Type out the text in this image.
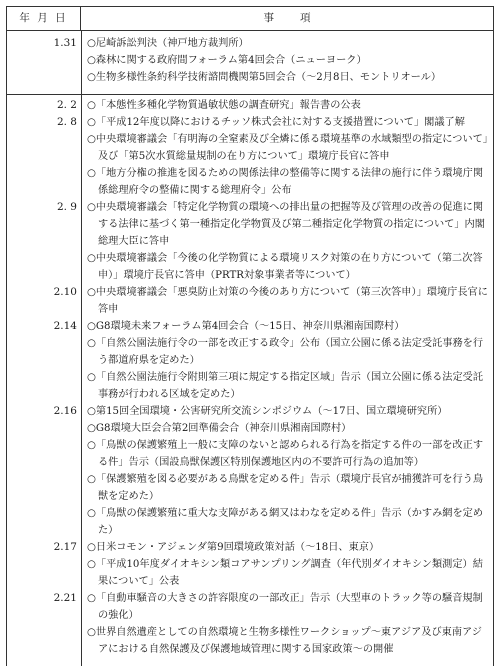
年 月 日	事項
1.31 ○尼崎訴訟判決（神戸地方裁判所）
○森林に関する政府間フォーラム第4回会合（ニューヨーク）
○生物多様性条約科学技術諮問機関第5回会合（〜2月8日、モントリオール）
2. 2 ○「本態性多種化学物質過敏状態の調査研究」報告書の公表
2. 8 ○「平成12年度以降におけるチッソ株式会社に対する支援措置について」閣議了解
○中央環境審議会「有明海の全窒素及び全燐に係る環境基準の水域類型の指定について」及び「第5次水質総量規制の在り方について」環境庁長官に答申
○「地方分権の推進を図るための関係法律の整備等に関する法律の施行に伴う環境庁関係総理府令の整備に関する総理府令」公布
2. 9 ○中央環境審議会「特定化学物質の環境への排出量の把握等及び管理の改善の促進に関する法律に基づく第一種指定化学物質及び第二種指定化学物質の指定について」内閣総理大臣に答申
○中央環境審議会「今後の化学物質による環境リスク対策の在り方について（第二次答申）」環境庁長官に答申（PRTR対象事業者等について）
2.10 ○中央環境審議会「悪臭防止対策の今後のあり方について（第三次答申）」環境庁長官に答申
2.14 ○G8環境未来フォーラム第4回会合（〜15日、神奈川県湘南国際村）
○「自然公園法施行令の一部を改正する政令」公布（国立公園に係る法定受託事務を行う都道府県を定めた）
○「自然公園法施行令附則第三項に規定する指定区域」告示（国立公園に係る法定受託事務が行われる区域を定めた）
2.16 ○第15回全国環境・公害研究所交流シンポジウム（〜17日、国立環境研究所）
○G8環境大臣会合第2回準備会合（神奈川県湘南国際村）
○「鳥獣の保護繁殖上一般に支障のないと認められる行為を指定する件の一部を改正する件」告示（国設鳥獣保護区特別保護地区内の不要許可行為の追加等）
○「保護繁殖を図る必要がある鳥獣を定める件」告示（環境庁長官が捕獲許可を行う鳥獣を定めた）
○「鳥獣の保護繁殖に重大な支障がある網又はわなを定める件」告示（かすみ網を定めた）
2.17 ○日米コモン・アジェンダ第9回環境政策対話（〜18日、東京）
○「平成10年度ダイオキシン類コアサンプリング調査（年代別ダイオキシン類測定）結果について」公表
2.21 ○「自動車騒音の大きさの許容限度の一部改正」告示（大型車のトラック等の騒音規制の強化）
○世界自然遺産としての自然環境と生物多様性ワークショップ〜東アジア及び東南アジアにおける自然保護及び保護地域管理に関する国家政策〜の開催
